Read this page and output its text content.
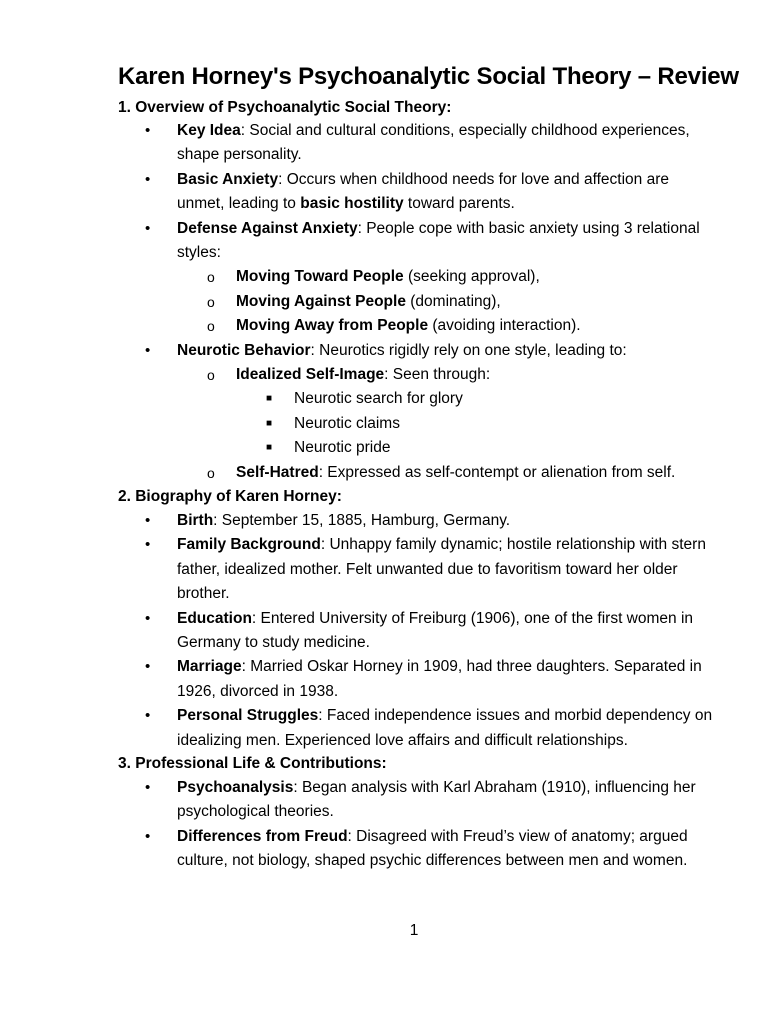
Karen Horney's Psychoanalytic Social Theory – Review
1. Overview of Psychoanalytic Social Theory:
• Key Idea: Social and cultural conditions, especially childhood experiences, shape personality.
• Basic Anxiety: Occurs when childhood needs for love and affection are unmet, leading to basic hostility toward parents.
• Defense Against Anxiety: People cope with basic anxiety using 3 relational styles:
o Moving Toward People (seeking approval),
o Moving Against People (dominating),
o Moving Away from People (avoiding interaction).
• Neurotic Behavior: Neurotics rigidly rely on one style, leading to:
o Idealized Self-Image: Seen through:
■ Neurotic search for glory
■ Neurotic claims
■ Neurotic pride
o Self-Hatred: Expressed as self-contempt or alienation from self.
2. Biography of Karen Horney:
• Birth: September 15, 1885, Hamburg, Germany.
• Family Background: Unhappy family dynamic; hostile relationship with stern father, idealized mother. Felt unwanted due to favoritism toward her older brother.
• Education: Entered University of Freiburg (1906), one of the first women in Germany to study medicine.
• Marriage: Married Oskar Horney in 1909, had three daughters. Separated in 1926, divorced in 1938.
• Personal Struggles: Faced independence issues and morbid dependency on idealizing men. Experienced love affairs and difficult relationships.
3. Professional Life & Contributions:
• Psychoanalysis: Began analysis with Karl Abraham (1910), influencing her psychological theories.
• Differences from Freud: Disagreed with Freud’s view of anatomy; argued culture, not biology, shaped psychic differences between men and women.
1
